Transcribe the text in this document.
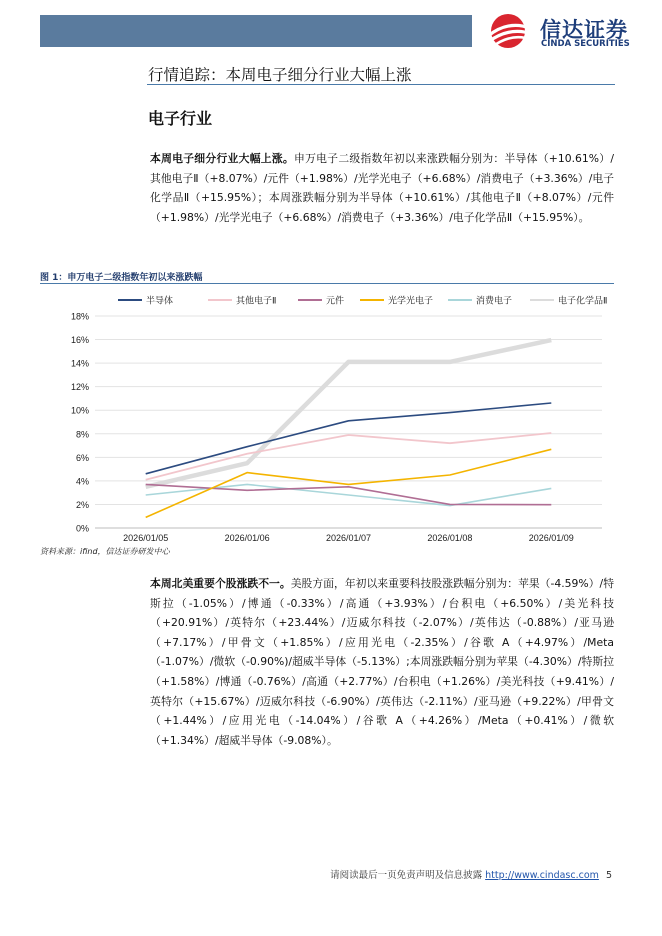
信达证券
CINDA SECURITIES
行情追踪：本周电子细分行业大幅上涨
电子行业
本周电子细分行业大幅上涨。申万电子二级指数年初以来涨跌幅分别为：半导体（+10.61%）/其他电子Ⅱ（+8.07%）/元件（+1.98%）/光学光电子（+6.68%）/消费电子（+3.36%）/电子化学品Ⅱ（+15.95%）；本周涨跌幅分别为半导体（+10.61%）/其他电子Ⅱ（+8.07%）/元件（+1.98%）/光学光电子（+6.68%）/消费电子（+3.36%）/电子化学品Ⅱ（+15.95%）。
图 1：申万电子二级指数年初以来涨跌幅
0%
2%
4%
6%
8%
10%
12%
14%
16%
18%
2026/01/05	2026/01/06	2026/01/07	2026/01/08	2026/01/09
半导体	其他电子Ⅱ	元件	光学光电子	消费电子	电子化学品Ⅱ
资料来源：ifind，信达证券研发中心
本周北美重要个股涨跌不一。美股方面，年初以来重要科技股涨跌幅分别为：苹果（-4.59%）/特斯拉（-1.05%）/博通（-0.33%）/高通（+3.93%）/台积电（+6.50%）/美光科技（+20.91%）/英特尔（+23.44%）/迈威尔科技（-2.07%）/英伟达（-0.88%）/亚马逊（+7.17%）/甲骨文（+1.85%）/应用光电（-2.35%）/谷歌 A（+4.97%）/Meta（-1.07%）/微软（-0.90%)/超威半导体（-5.13%）;本周涨跌幅分别为苹果（-4.30%）/特斯拉（+1.58%）/博通（-0.76%）/高通（+2.77%）/台积电（+1.26%）/美光科技（+9.41%）/英特尔（+15.67%）/迈威尔科技（-6.90%）/英伟达（-2.11%）/亚马逊（+9.22%）/甲骨文（+1.44%）/应用光电（-14.04%）/谷歌 A（+4.26%）/Meta（+0.41%）/微软（+1.34%）/超威半导体（-9.08%）。
请阅读最后一页免责声明及信息披露 http://www.cindasc.com 5
